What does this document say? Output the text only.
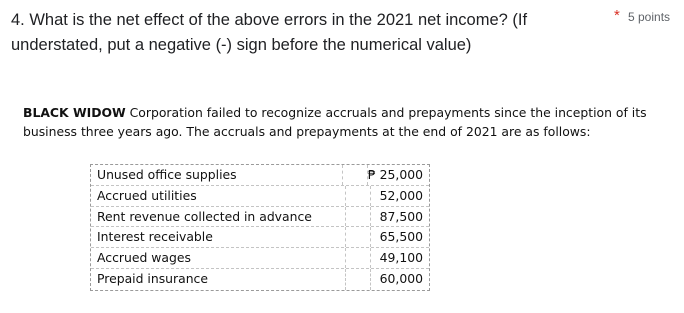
4. What is the net effect of the above errors in the 2021 net income? (If understated, put a negative (-) sign before the numerical value)
* 5 points
BLACK WIDOW Corporation failed to recognize accruals and prepayments since the inception of its business three years ago. The accruals and prepayments at the end of 2021 are as follows:
Unused office supplies	₱ 25,000
Accrued utilities	52,000
Rent revenue collected in advance	87,500
Interest receivable	65,500
Accrued wages	49,100
Prepaid insurance	60,000
